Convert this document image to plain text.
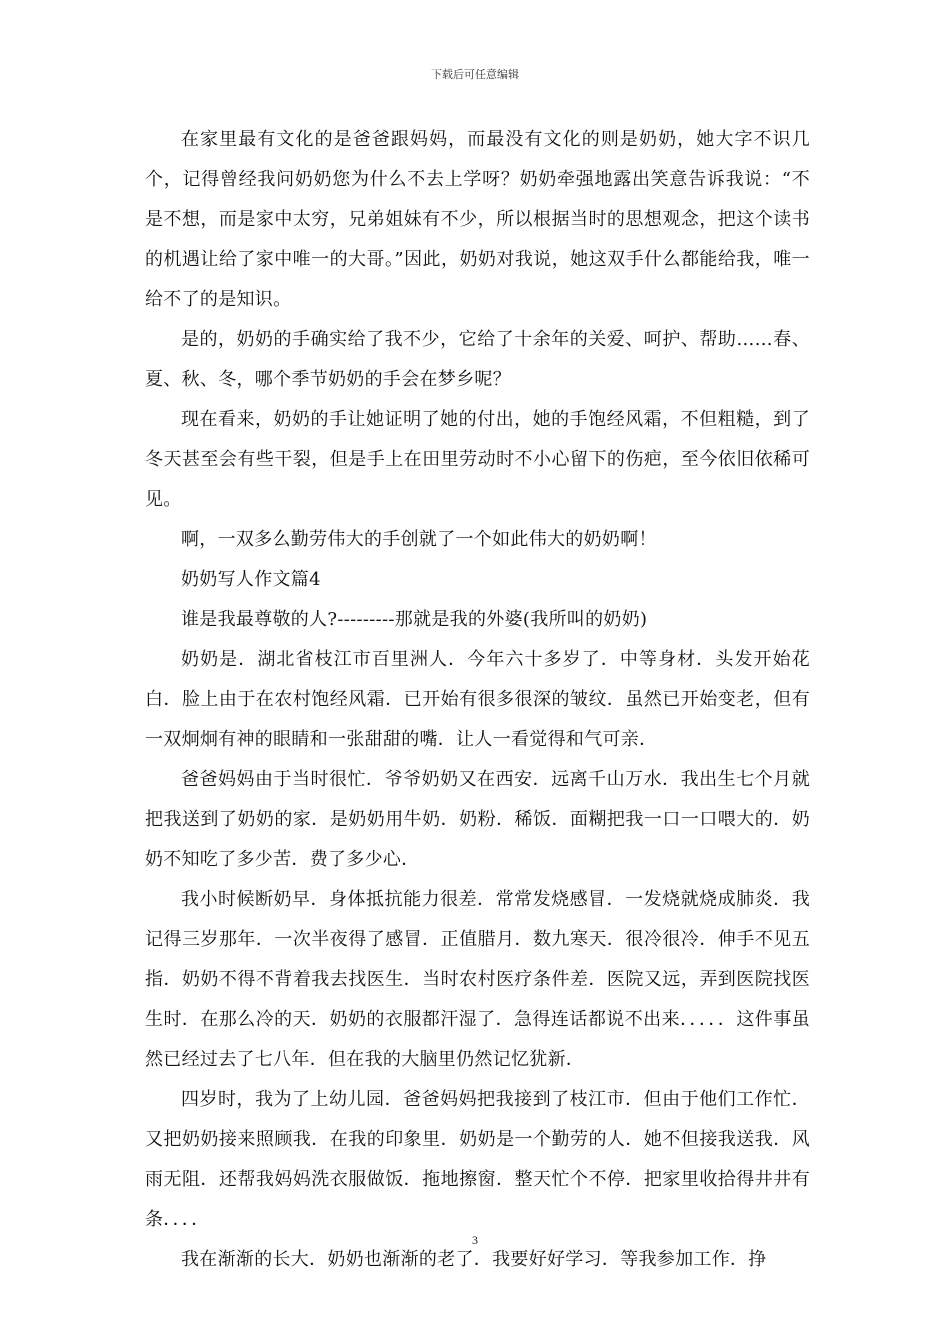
下载后可任意编辑

在家里最有文化的是爸爸跟妈妈，而最没有文化的则是奶奶，她大字不识几个，记得曾经我问奶奶您为什么不去上学呀？奶奶牵强地露出笑意告诉我说：“不是不想，而是家中太穷，兄弟姐妹有不少，所以根据当时的思想观念，把这个读书的机遇让给了家中唯一的大哥。”因此，奶奶对我说，她这双手什么都能给我，唯一给不了的是知识。

是的，奶奶的手确实给了我不少，它给了十余年的关爱、呵护、帮助……春、夏、秋、冬，哪个季节奶奶的手会在梦乡呢？

现在看来，奶奶的手让她证明了她的付出，她的手饱经风霜，不但粗糙，到了冬天甚至会有些干裂，但是手上在田里劳动时不小心留下的伤疤，至今依旧依稀可见。

啊，一双多么勤劳伟大的手创就了一个如此伟大的奶奶啊！

奶奶写人作文篇4

谁是我最尊敬的人?---------那就是我的外婆(我所叫的奶奶)

奶奶是．湖北省枝江市百里洲人．今年六十多岁了．中等身材．头发开始花白．脸上由于在农村饱经风霜．已开始有很多很深的皱纹．虽然已开始变老，但有一双炯炯有神的眼睛和一张甜甜的嘴．让人一看觉得和气可亲．

爸爸妈妈由于当时很忙．爷爷奶奶又在西安．远离千山万水．我出生七个月就把我送到了奶奶的家．是奶奶用牛奶．奶粉．稀饭．面糊把我一口一口喂大的．奶奶不知吃了多少苦．费了多少心．

我小时候断奶早．身体抵抗能力很差．常常发烧感冒．一发烧就烧成肺炎．我记得三岁那年．一次半夜得了感冒．正值腊月．数九寒天．很冷很冷．伸手不见五指．奶奶不得不背着我去找医生．当时农村医疗条件差．医院又远，弄到医院找医生时．在那么冷的天．奶奶的衣服都汗湿了．急得连话都说不出来．．．．．这件事虽然已经过去了七八年．但在我的大脑里仍然记忆犹新．

四岁时，我为了上幼儿园．爸爸妈妈把我接到了枝江市．但由于他们工作忙．又把奶奶接来照顾我．在我的印象里．奶奶是一个勤劳的人．她不但接我送我．风雨无阻．还帮我妈妈洗衣服做饭．拖地擦窗．整天忙个不停．把家里收拾得井井有条．．．．

我在渐渐的长大．奶奶也渐渐的老了．我要好好学习．等我参加工作．挣

3
